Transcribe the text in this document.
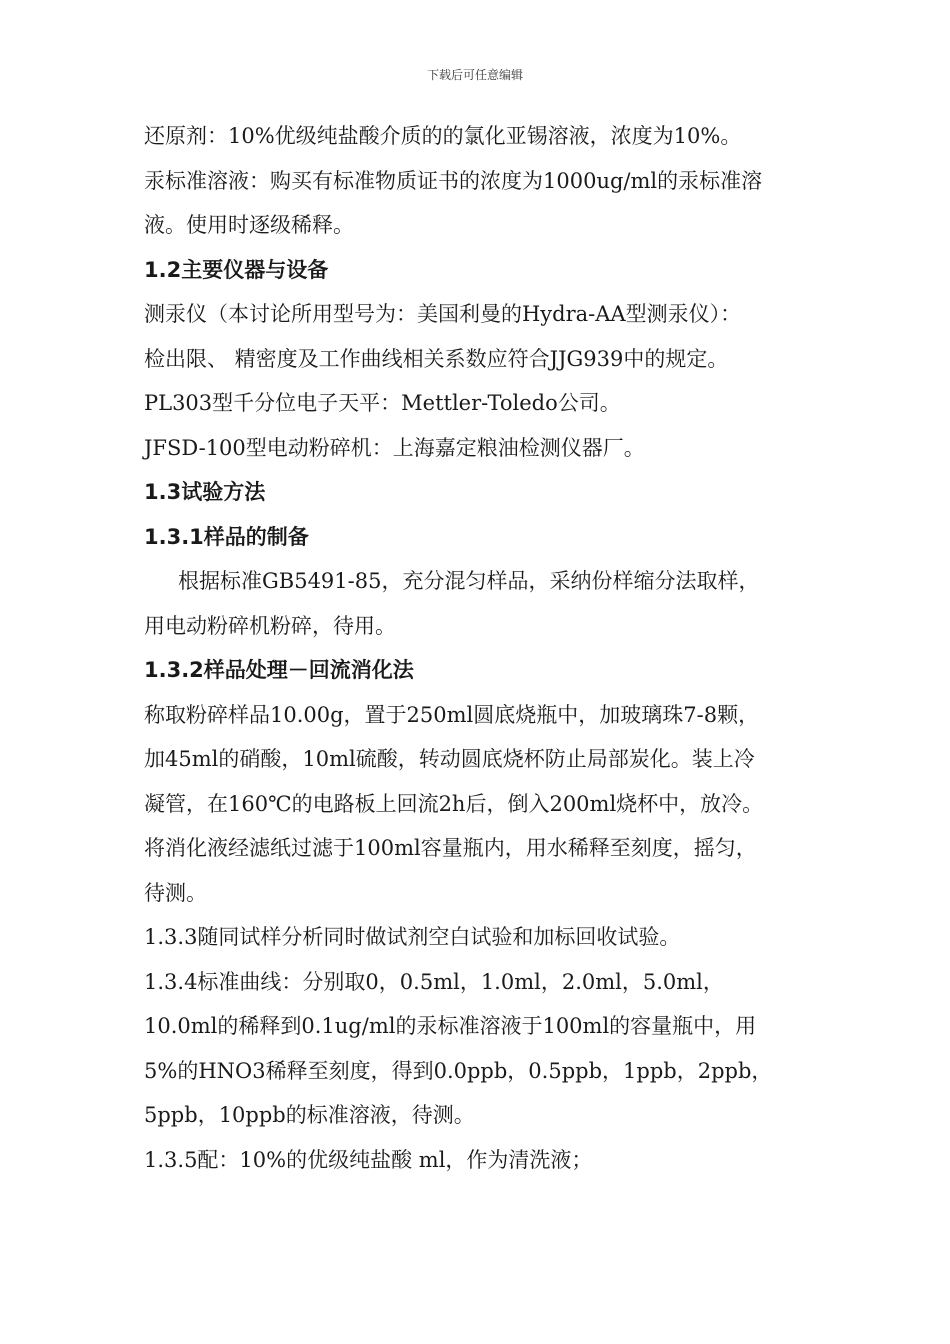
下载后可任意编辑
还原剂：10%优级纯盐酸介质的的氯化亚锡溶液，浓度为10%。
汞标准溶液：购买有标准物质证书的浓度为1000ug/ml的汞标准溶
液。使用时逐级稀释。
1.2主要仪器与设备
测汞仪（本讨论所用型号为：美国利曼的Hydra-AA型测汞仪）：
检出限、 精密度及工作曲线相关系数应符合JJG939中的规定。
PL303型千分位电子天平：Mettler-Toledo公司。
JFSD-100型电动粉碎机：上海嘉定粮油检测仪器厂。
1.3试验方法
1.3.1样品的制备
根据标准GB5491-85，充分混匀样品，采纳份样缩分法取样，
用电动粉碎机粉碎，待用。
1.3.2样品处理－回流消化法
称取粉碎样品10.00g，置于250ml圆底烧瓶中，加玻璃珠7-8颗，
加45ml的硝酸，10ml硫酸，转动圆底烧杯防止局部炭化。装上冷
凝管，在160℃的电路板上回流2h后，倒入200ml烧杯中，放冷。
将消化液经滤纸过滤于100ml容量瓶内，用水稀释至刻度，摇匀，
待测。
1.3.3随同试样分析同时做试剂空白试验和加标回收试验。
1.3.4标准曲线：分别取0，0.5ml，1.0ml，2.0ml，5.0ml，
10.0ml的稀释到0.1ug/ml的汞标准溶液于100ml的容量瓶中，用
5%的HNO3稀释至刻度，得到0.0ppb，0.5ppb，1ppb，2ppb，
5ppb，10ppb的标准溶液，待测。
1.3.5配：10%的优级纯盐酸 ml，作为清洗液；
